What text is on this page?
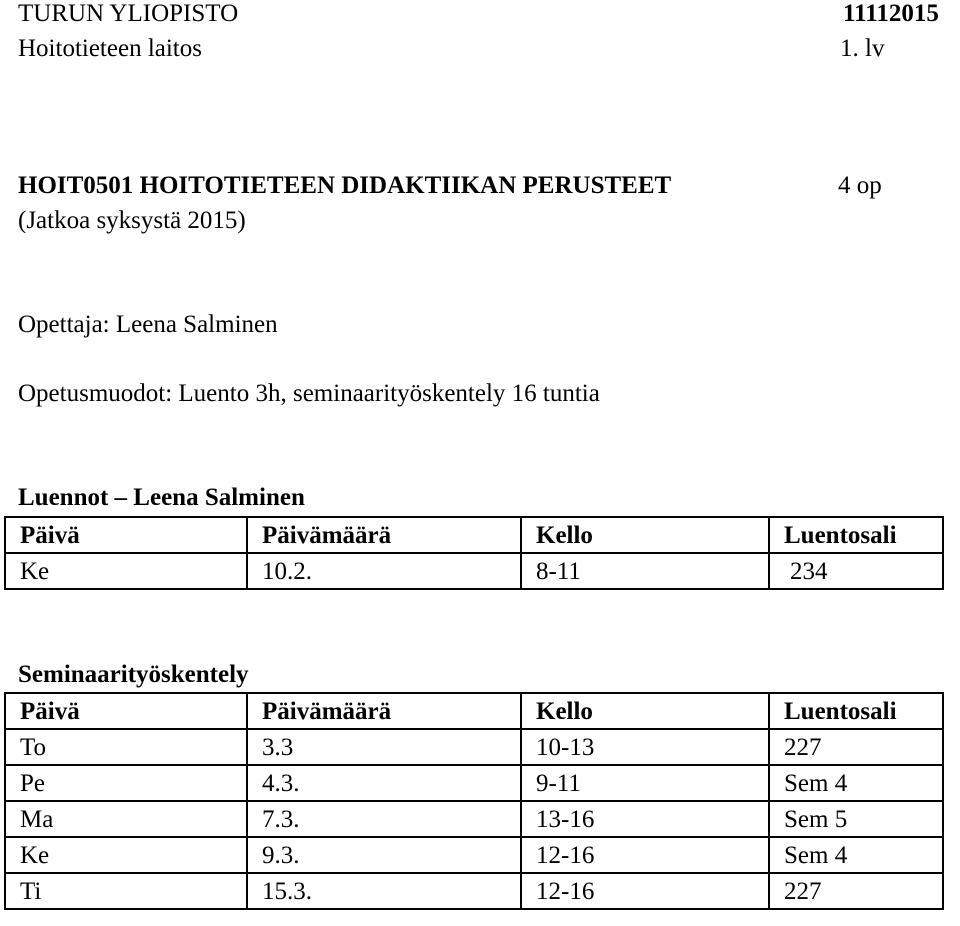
TURUN YLIOPISTO	11112015
Hoitotieteen laitos	1. lv
HOIT0501 HOITOTIETEEN DIDAKTIIKAN PERUSTEET	4 op
(Jatkoa syksystä 2015)
Opettaja: Leena Salminen
Opetusmuodot: Luento 3h, seminaarityöskentely 16 tuntia
Luennot – Leena Salminen
Päivä	Päivämäärä	Kello	Luentosali
Ke	10.2.	8-11	234
Seminaarityöskentely
Päivä	Päivämäärä	Kello	Luentosali
To	3.3	10-13	227
Pe	4.3.	9-11	Sem 4
Ma	7.3.	13-16	Sem 5
Ke	9.3.	12-16	Sem 4
Ti	15.3.	12-16	227
